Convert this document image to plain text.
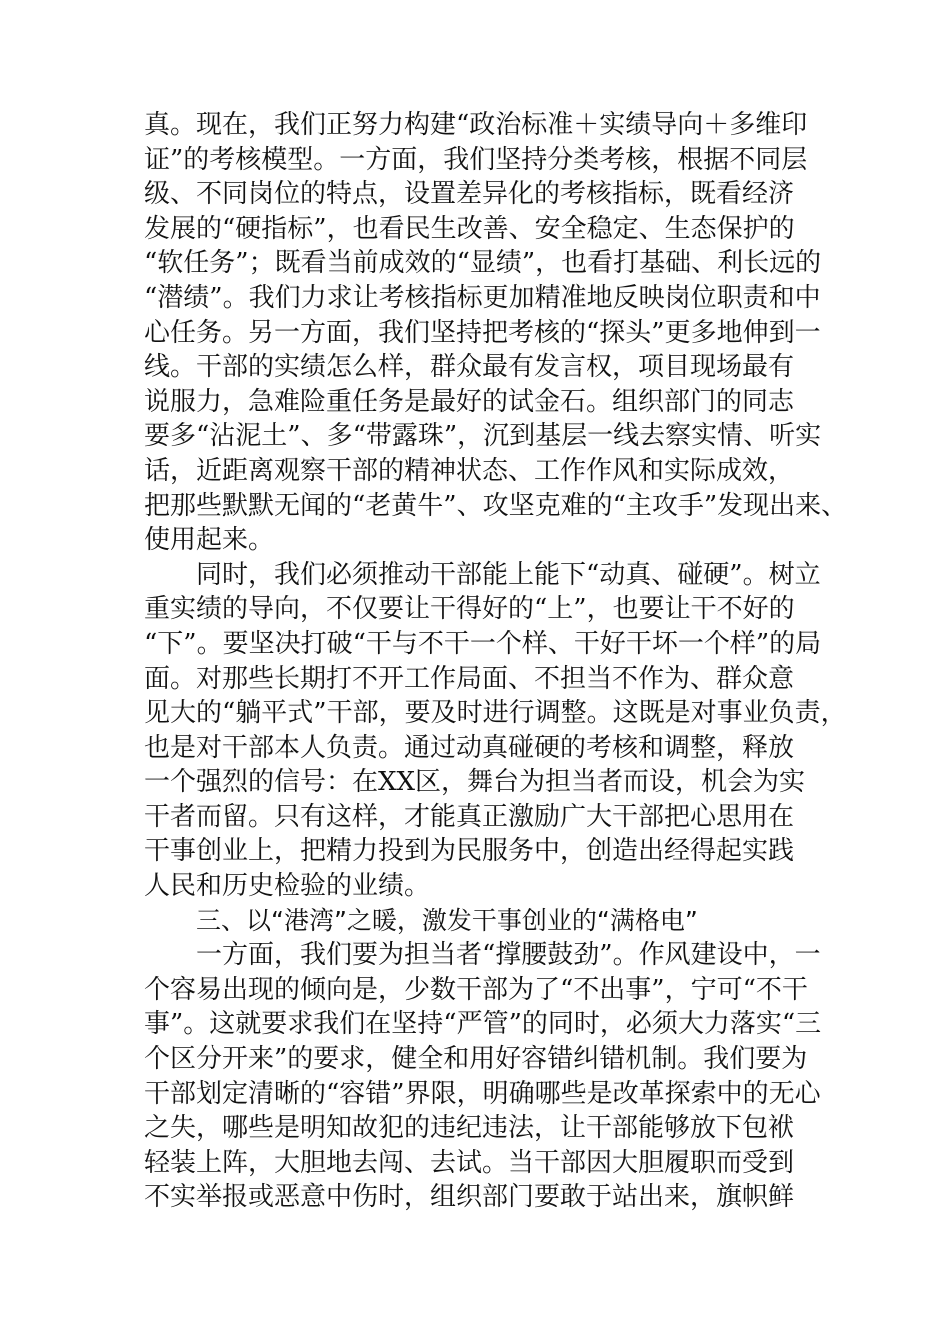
真。现在，我们正努力构建“政治标准＋实绩导向＋多维印
证”的考核模型。一方面，我们坚持分类考核，根据不同层
级、不同岗位的特点，设置差异化的考核指标，既看经济
发展的“硬指标”，也看民生改善、安全稳定、生态保护的
“软任务”；既看当前成效的“显绩”，也看打基础、利长远的
“潜绩”。我们力求让考核指标更加精准地反映岗位职责和中
心任务。另一方面，我们坚持把考核的“探头”更多地伸到一
线。干部的实绩怎么样，群众最有发言权，项目现场最有
说服力，急难险重任务是最好的试金石。组织部门的同志
要多“沾泥土”、多“带露珠”，沉到基层一线去察实情、听实
话，近距离观察干部的精神状态、工作作风和实际成效，
把那些默默无闻的“老黄牛”、攻坚克难的“主攻手”发现出来、
使用起来。
同时，我们必须推动干部能上能下“动真、碰硬”。树立
重实绩的导向，不仅要让干得好的“上”，也要让干不好的
“下”。要坚决打破“干与不干一个样、干好干坏一个样”的局
面。对那些长期打不开工作局面、不担当不作为、群众意
见大的“躺平式”干部，要及时进行调整。这既是对事业负责，
也是对干部本人负责。通过动真碰硬的考核和调整，释放
一个强烈的信号：在XX区，舞台为担当者而设，机会为实
干者而留。只有这样，才能真正激励广大干部把心思用在
干事创业上，把精力投到为民服务中，创造出经得起实践
人民和历史检验的业绩。
三、以“港湾”之暖，激发干事创业的“满格电”
一方面，我们要为担当者“撑腰鼓劲”。作风建设中，一
个容易出现的倾向是，少数干部为了“不出事”，宁可“不干
事”。这就要求我们在坚持“严管”的同时，必须大力落实“三
个区分开来”的要求，健全和用好容错纠错机制。我们要为
干部划定清晰的“容错”界限，明确哪些是改革探索中的无心
之失，哪些是明知故犯的违纪违法，让干部能够放下包袱
轻装上阵，大胆地去闯、去试。当干部因大胆履职而受到
不实举报或恶意中伤时，组织部门要敢于站出来，旗帜鲜
